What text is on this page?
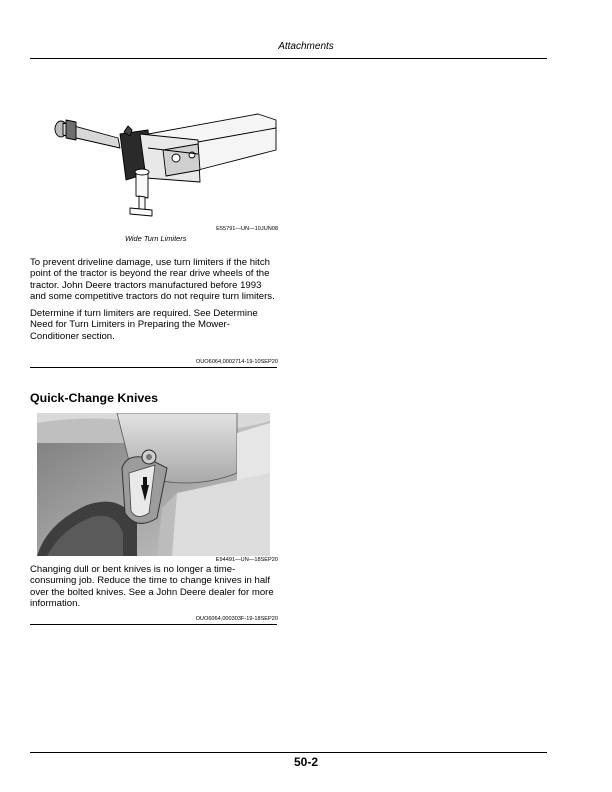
Attachments
E55791—UN—10JUN08
Wide Turn Limiters

To prevent driveline damage, use turn limiters if the hitch point of the tractor is beyond the rear drive wheels of the tractor. John Deere tractors manufactured before 1993 and some competitive tractors do not require turn limiters.

Determine if turn limiters are required. See Determine Need for Turn Limiters in Preparing the Mower-Conditioner section.

OUO6064,0002714-19-10SEP20
Quick-Change Knives
E94491—UN—18SEP20

Changing dull or bent knives is no longer a time-consuming job. Reduce the time to change knives in half over the bolted knives. See a John Deere dealer for more information.

OUO6064,000303F-19-18SEP20
50-2
